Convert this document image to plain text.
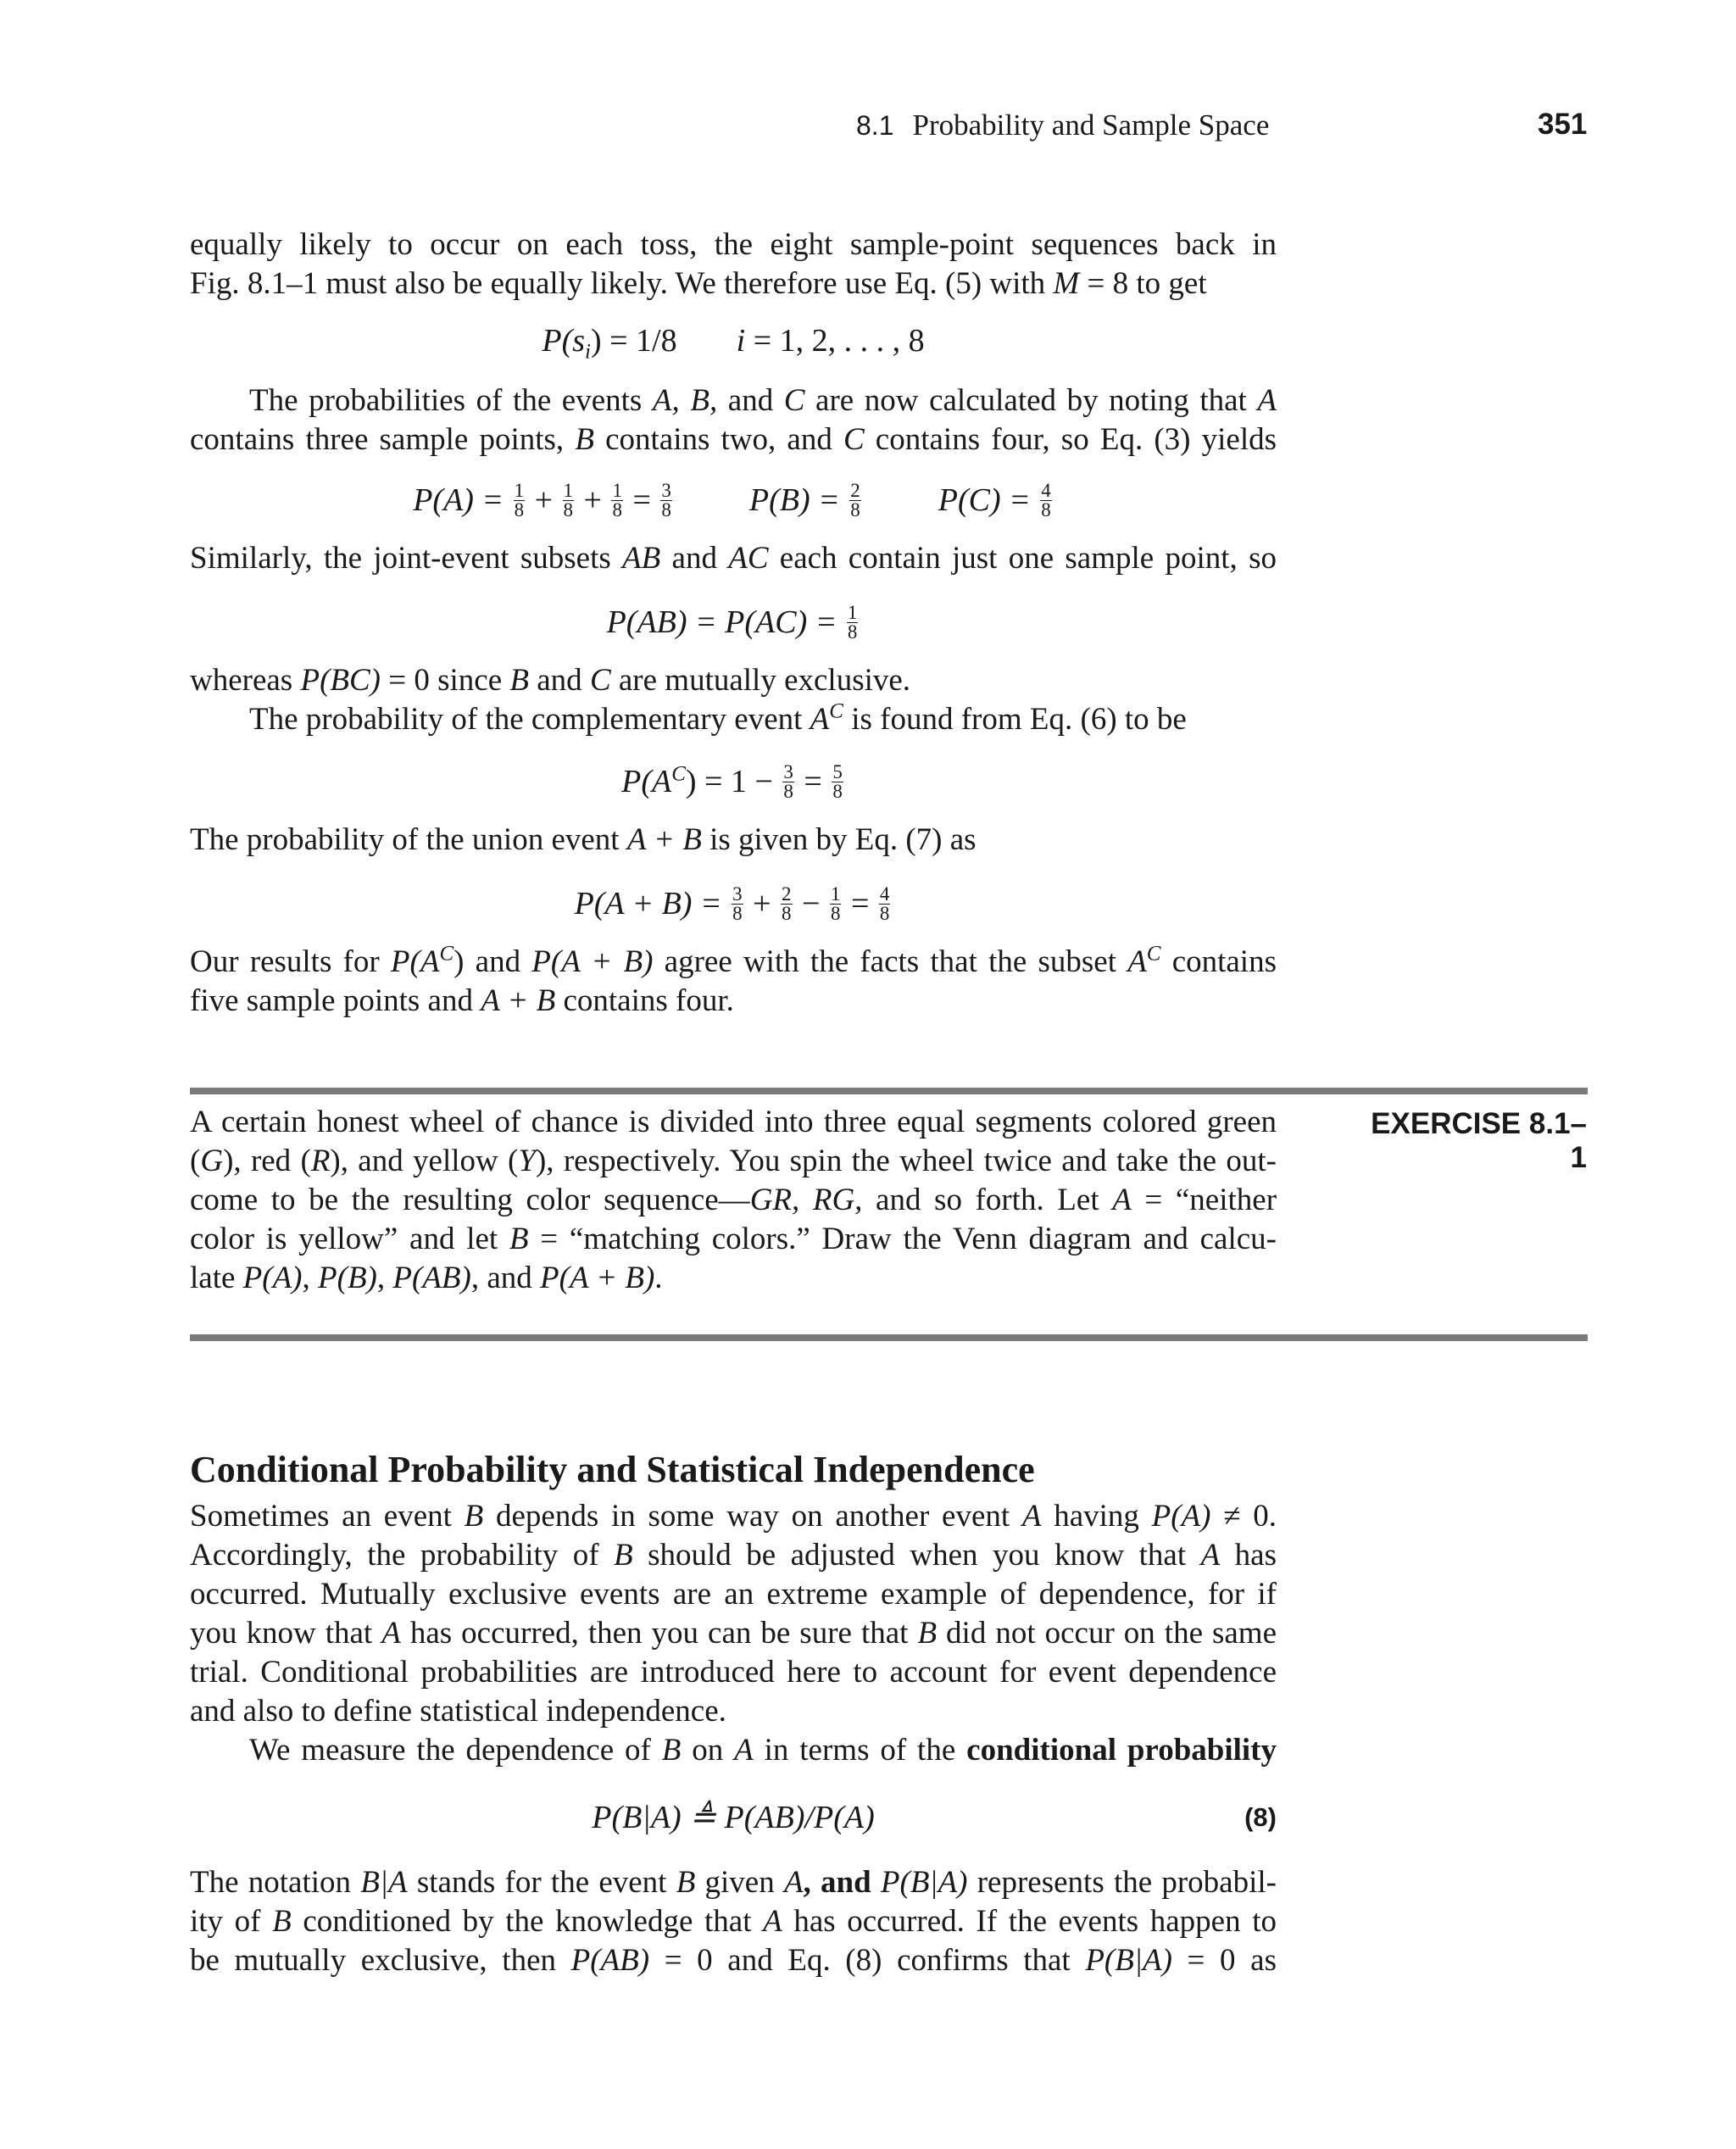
8.1 Probability and Sample Space	351

equally likely to occur on each toss, the eight sample-point sequences back in

Fig. 8.1–1 must also be equally likely. We therefore use Eq. (5) with M = 8 to get

$P(s_i) = 1/8$ i = 1, 2, . . . , 8

The probabilities of the events A, B, and C are now calculated by noting that A

contains three sample points, B contains two, and C contains four, so Eq. (3) yields

$P(A) = \frac{1}{8} + \frac{1}{8} + \frac{1}{8} = \frac{3}{8} P(B) = \frac{2}{8} P(C) = \frac{4}{8}$

Similarly, the joint-event subsets AB and AC each contain just one sample point, so

$P(AB) = P(AC) = \frac{1}{8}$

whereas P(BC) = 0 since B and C are mutually exclusive.

The probability of the complementary event $A^C$ is found from Eq. (6) to be

$P(A^C) = 1 - \frac{3}{8} = \frac{5}{8}$

The probability of the union event A + B is given by Eq. (7) as

$P(A + B) = \frac{3}{8} + \frac{2}{8} - \frac{1}{8} = \frac{4}{8}$

Our results for $P(A^C)$ and P(A + B) agree with the facts that the subset $A^C$ contains

five sample points and A + B contains four.

EXERCISE 8.1–1

A certain honest wheel of chance is divided into three equal segments colored green

(G), red (R), and yellow (Y), respectively. You spin the wheel twice and take the out-

come to be the resulting color sequence—GR, RG, and so forth. Let A = “neither

color is yellow” and let B = “matching colors.” Draw the Venn diagram and calcu-

late P(A), P(B), P(AB), and P(A + B).

Conditional Probability and Statistical Independence

Sometimes an event B depends in some way on another event A having P(A) ≠ 0.

Accordingly, the probability of B should be adjusted when you know that A has

occurred. Mutually exclusive events are an extreme example of dependence, for if

you know that A has occurred, then you can be sure that B did not occur on the same

trial. Conditional probabilities are introduced here to account for event dependence

and also to define statistical independence.

We measure the dependence of B on A in terms of the conditional probability

P(B|A) ≜ P(AB)/P(A)	(8)

The notation B|A stands for the event B given A, and P(B|A) represents the probabil-

ity of B conditioned by the knowledge that A has occurred. If the events happen to

be mutually exclusive, then P(AB) = 0 and Eq. (8) confirms that P(B|A) = 0 as
